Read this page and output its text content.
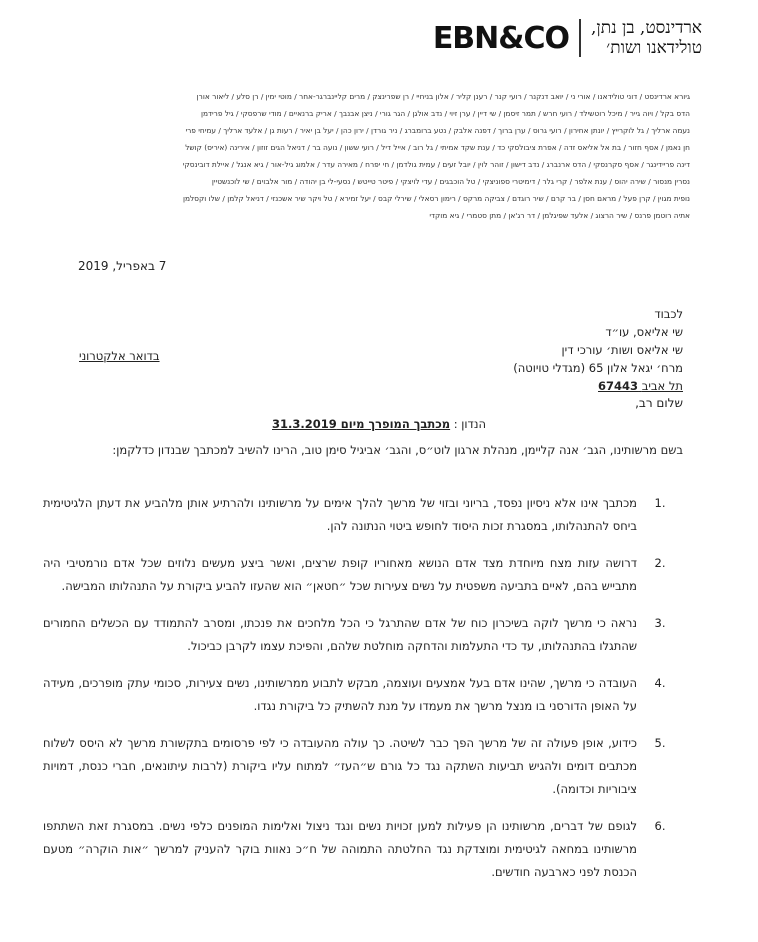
ארדינסט, בן נתן,
טולידאנו ושות׳
EBN&CO
גיורא ארדינסט / דוני טולידאנו / אורי ני / יואב דנקנר / רועי קנר / רענן קליר / אלון בניחיי / רן שפרינצק / מרים קליינברגר-אחר / מוטי ימין / רן סלע / ליאור אורן
הדס בקל / ויוה גייר / מיכל רוטשילד / רועי חרש / תמר זיסמן / שי דיין / ערן זיוי / נדב אולגן / הגר גורי / ניצן אבנבך / אריק ברנאיים / מודי שרפסקי / גיל פרידמן
נעמה ארליך / גל לוקרייץ / יונתן אחירון / רועי גרוס / ערן ברוך / דפנה אלבק / נטע ברומברג / ניר גורדן / ירון כהן / יעל בן יאיר / רעות גן / אלעד ארליך / עמיחי פרי
חן נאמן / אסף חזור / בת אל אליאס זדה / אפרת ציבולסקי כד / ענת שקד אמיתי / גל רוב / אייל דיל / רועי ששון / נועה בר / דניאל הגים זוזון / אירינה (איריס) קושל
דינה פריידינגר / אסף סקרנסקי / הדס ארנברג / נדב דישון / זוהר לוין / יובל זעים / עמית גולדמן / חי יפרח / מאירה עדר / אלמוג גיל-אור / גיא אנגל / איילת דובינסקי
נסרין מנסור / שירה יהוס / ענת אלפר / קרי גלר / דימיטרי ספוניצקי / טל הוכבגים / עדי לויצקי / פיטר טייטש / נסעי-לי בן יהודה / מור אלבוים / שי לוכנשטיין
נופית מגוין / קרן פעל / מראם חסן / בר קרם / שיר רוגדם / צביקה מרקס / רימון רסאלי / שירלי קבס / יעל זמירא / טל ויקר שיר אשכנזי / דניאל קלמן / שלו וקסלמן
אתיה רוטמן פרנס / שיר הרצוג / אלעד שפיגלמן / דר רג'אן / מתן סטמרי / גיא מוקדי
7 באפריל, 2019
לכבוד
שי אליאס, עו״ד
שי אליאס ושות׳ עורכי דין
מרח׳ יגאל אלון 65 (מגדלי טויוטה)
תל אביב 67443
בדואר אלקטרוני
שלום רב,
הנדון : מכתבך המופרך מיום 31.3.2019
בשם מרשותינו, הגב׳ אנה קליימן, מנהלת ארגון לוט״ס, והגב׳ אביגיל סימן טוב, הרינו להשיב למכתבך שבנדון כדלקמן:
1.
מכתבך אינו אלא ניסיון נפסד, בריוני ובזוי של מרשך להלך אימים על מרשותינו ולהרתיע אותן מלהביע את דעתן הלגיטימית ביחס להתנהלותו, במסגרת זכות היסוד לחופש ביטוי הנתונה להן.
2.
דרושה עזות מצח מיוחדת מצד אדם הנושא מאחוריו קופת שרצים, ואשר ביצע מעשים נלוזים שכל אדם נורמטיבי היה מתבייש בהם, לאיים בתביעה משפטית על נשים צעירות שכל ״חטאן״ הוא שהעזו להביע ביקורת על התנהלותו המבישה.
3.
נראה כי מרשך לוקה בשיכרון כוח של אדם שהתרגל כי הכל מלחכים את פנכתו, ומסרב להתמודד עם הכשלים החמורים שהתגלו בהתנהלותו, עד כדי התעלמות והדחקה מוחלטת שלהם, והפיכת עצמו לקרבן כביכול.
4.
העובדה כי מרשך, שהינו אדם בעל אמצעים ועוצמה, מבקש לתבוע ממרשותינו, נשים צעירות, סכומי עתק מופרכים, מעידה על האופן הדורסני בו מנצל מרשך את מעמדו על מנת להשתיק כל ביקורת נגדו.
5.
כידוע, אופן פעולה זה של מרשך הפך כבר לשיטה. כך עולה מהעובדה כי לפי פרסומים בתקשורת מרשך לא היסס לשלוח מכתבים דומים ולהגיש תביעות השתקה נגד כל גורם ש״העז״ למתוח עליו ביקורת (לרבות עיתונאים, חברי כנסת, דמויות ציבוריות וכדומה).
6.
לגופם של דברים, מרשותינו הן פעילות למען זכויות נשים ונגד ניצול ואלימות המופנים כלפי נשים. במסגרת זאת השתתפו מרשותינו במחאה לגיטימית ומוצדקת נגד החלטתה התמוהה של ח״כ נאוות בוקר להעניק למרשך ״אות הוקרה״ מטעם הכנסת לפני כארבעה חודשים.
